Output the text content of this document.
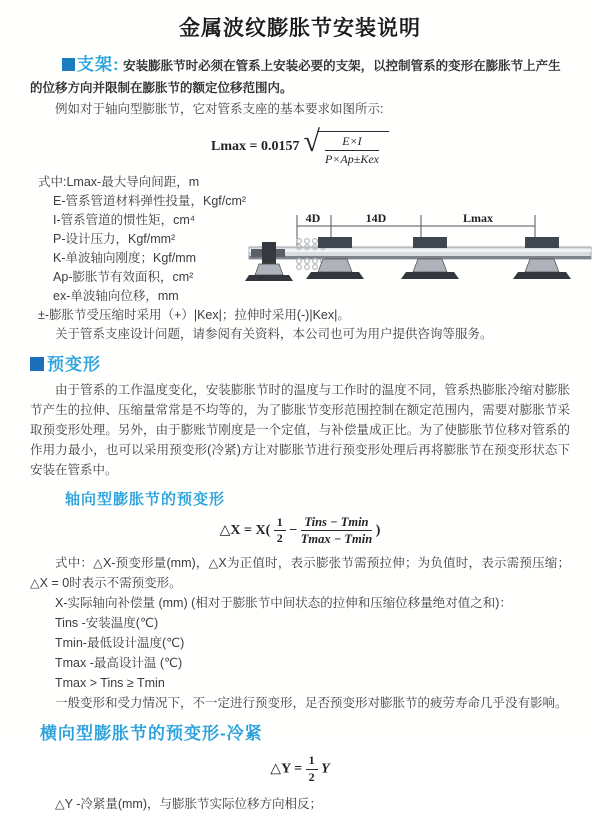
金属波纹膨胀节安装说明

支架: 安装膨胀节时必须在管系上安装必要的支架，以控制管系的变形在膨胀节上产生的位移方向并限制在膨胀节的额定位移范围内。

例如对于轴向型膨胀节，它对管系支座的基本要求如图所示:

Lmax = 0.0157 √	E×I
P×Ap±Kex
式中:Lmax-最大导向间距，m
E-管系管道材料弹性投量，Kgf/cm²
I-管系管道的惯性矩，cm⁴
P-设计压力，Kgf/mm²
K-单波轴向刚度；Kgf/mm
Ap-膨胀节有效面积，cm²
ex-单波轴向位移，mm
±-膨胀节受压缩时采用（+）|Kex|；拉伸时采用(-)|Kex|。
关于管系支座设计问题，请参阅有关资料，本公司也可为用户提供咨询等服务。
4D	14D	Lmax
预变形

由于管系的工作温度变化，安装膨胀节时的温度与工作时的温度不同，管系热膨胀冷缩对膨胀节产生的拉伸、压缩量常常是不均等的，为了膨胀节变形范围控制在额定范围内，需要对膨胀节采取预变形处理。另外，由于膨账节刚度是一个定值，与补偿量成正比。为了使膨胀节位移对管系的作用力最小，也可以采用预变形(冷紧)方让对膨胀节进行预变形处理后再将膨胀节在预变形状态下安装在管系中。

轴向型膨胀节的预变形
△X = $X( \frac{1}{2} - \frac{\text{Tins − Tmin}}{Tmax - Tmin}$ )

式中：△X-预变形量(mm)，△X为正值时，表示膨张节需预拉伸；为负值时，表示需预压缩；△X = 0时表示不需预变形。

X-实际轴向补偿量 (mm) (相对于膨胀节中间状态的拉伸和压缩位移量绝对值之和)：

Tins -安装温度(℃)

Tmin-最低设计温度(℃)

Tmax -最高设计温 (℃)

Tmax > Tins ≥ Tmin

一般变形和受力情况下，不一定进行预变形，足否预变形对膨胀节的疲劳寿命几乎没有影响。

横向型膨胀节的预变形-冷紧
△Y = $\frac{1}{2}$ Y

△Y -冷紧量(mm)，与膨胀节实际位移方向相反；
